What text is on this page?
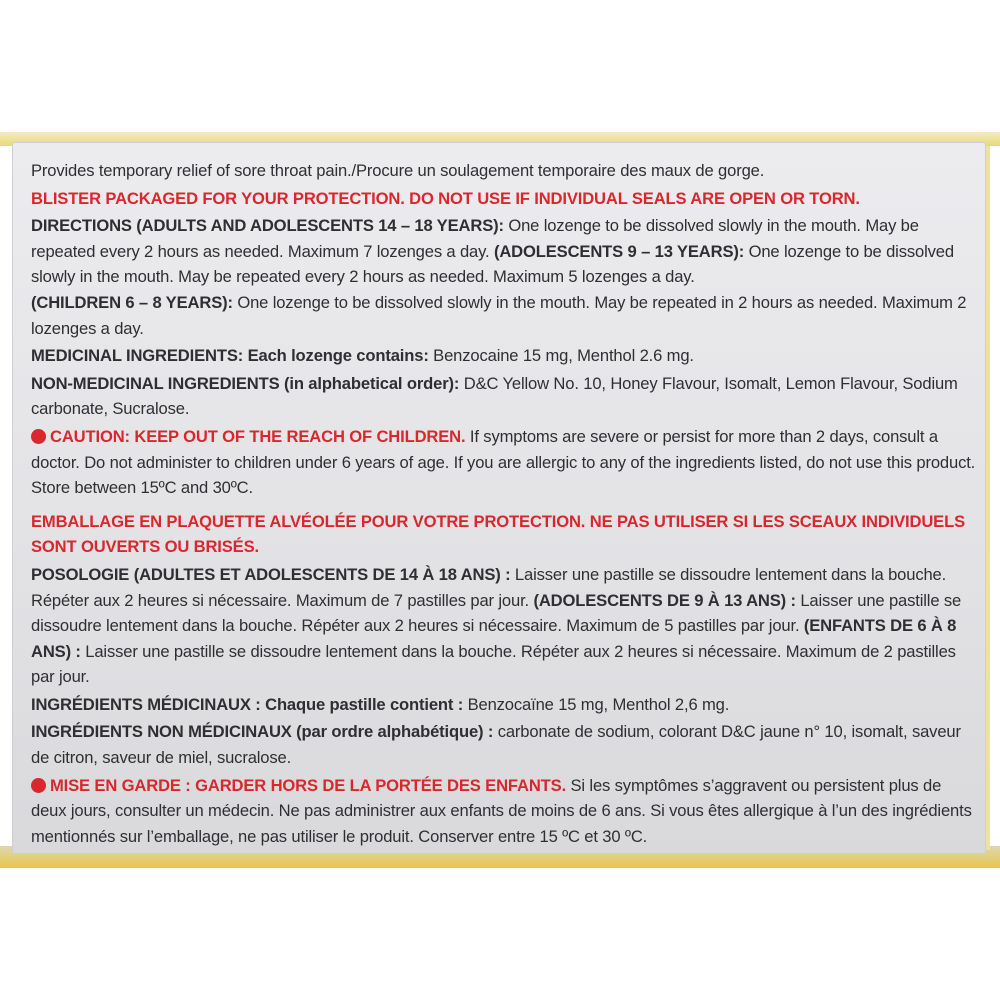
Provides temporary relief of sore throat pain./Procure un soulagement temporaire des maux de gorge.

BLISTER PACKAGED FOR YOUR PROTECTION. DO NOT USE IF INDIVIDUAL SEALS ARE OPEN OR TORN.

DIRECTIONS (ADULTS AND ADOLESCENTS 14 – 18 YEARS): One lozenge to be dissolved slowly in the mouth. May be repeated every 2 hours as needed. Maximum 7 lozenges a day. (ADOLESCENTS 9 – 13 YEARS): One lozenge to be dissolved slowly in the mouth. May be repeated every 2 hours as needed. Maximum 5 lozenges a day.
(CHILDREN 6 – 8 YEARS): One lozenge to be dissolved slowly in the mouth. May be repeated in 2 hours as needed. Maximum 2 lozenges a day.

MEDICINAL INGREDIENTS: Each lozenge contains: Benzocaine 15 mg, Menthol 2.6 mg.

NON-MEDICINAL INGREDIENTS (in alphabetical order): D&C Yellow No. 10, Honey Flavour, Isomalt, Lemon Flavour, Sodium carbonate, Sucralose.

CAUTION: KEEP OUT OF THE REACH OF CHILDREN. If symptoms are severe or persist for more than 2 days, consult a doctor. Do not administer to children under 6 years of age. If you are allergic to any of the ingredients listed, do not use this product. Store between 15ºC and 30ºC.

EMBALLAGE EN PLAQUETTE ALVÉOLÉE POUR VOTRE PROTECTION. NE PAS UTILISER SI LES SCEAUX INDIVIDUELS SONT OUVERTS OU BRISÉS.

POSOLOGIE (ADULTES ET ADOLESCENTS DE 14 À 18 ANS) : Laisser une pastille se dissoudre lentement dans la bouche. Répéter aux 2 heures si nécessaire. Maximum de 7 pastilles par jour. (ADOLESCENTS DE 9 À 13 ANS) : Laisser une pastille se dissoudre lentement dans la bouche. Répéter aux 2 heures si nécessaire. Maximum de 5 pastilles par jour. (ENFANTS DE 6 À 8 ANS) : Laisser une pastille se dissoudre lentement dans la bouche. Répéter aux 2 heures si nécessaire. Maximum de 2 pastilles par jour.

INGRÉDIENTS MÉDICINAUX : Chaque pastille contient : Benzocaïne 15 mg, Menthol 2,6 mg.

INGRÉDIENTS NON MÉDICINAUX (par ordre alphabétique) : carbonate de sodium, colorant D&C jaune n° 10, isomalt, saveur de citron, saveur de miel, sucralose.

MISE EN GARDE : GARDER HORS DE LA PORTÉE DES ENFANTS. Si les symptômes s’aggravent ou persistent plus de deux jours, consulter un médecin. Ne pas administrer aux enfants de moins de 6 ans. Si vous êtes allergique à l’un des ingrédients mentionnés sur l’emballage, ne pas utiliser le produit. Conserver entre 15 ºC et 30 ºC.
